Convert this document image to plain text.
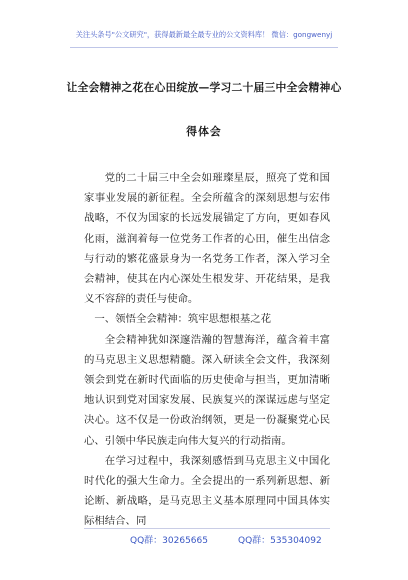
关注头条号"公文研究"，获得最新最全最专业的公文资料库！ 微信：gongwenyj
让全会精神之花在心田绽放—学习二十届三中全会精神心
得体会

党的二十届三中全会如璀璨星辰，照亮了党和国家事业发展的新征程。全会所蕴含的深刻思想与宏伟战略，不仅为国家的长远发展锚定了方向，更如春风化雨，滋润着每一位党务工作者的心田，催生出信念与行动的繁花盛景身为一名党务工作者，深入学习全会精神，使其在内心深处生根发芽、开花结果，是我义不容辞的责任与使命。

一、领悟全会精神：筑牢思想根基之花

全会精神犹如深邃浩瀚的智慧海洋，蕴含着丰富的马克思主义思想精髓。深入研读全会文件，我深刻领会到党在新时代面临的历史使命与担当，更加清晰地认识到党对国家发展、民族复兴的深谋远虑与坚定决心。这不仅是一份政治纲领，更是一份凝聚党心民心、引领中华民族走向伟大复兴的行动指南。

在学习过程中，我深刻感悟到马克思主义中国化时代化的强大生命力。全会提出的一系列新思想、新论断、新战略，是马克思主义基本原理同中国具体实际相结合、同

QQ群：30265665	QQ群：535304092
